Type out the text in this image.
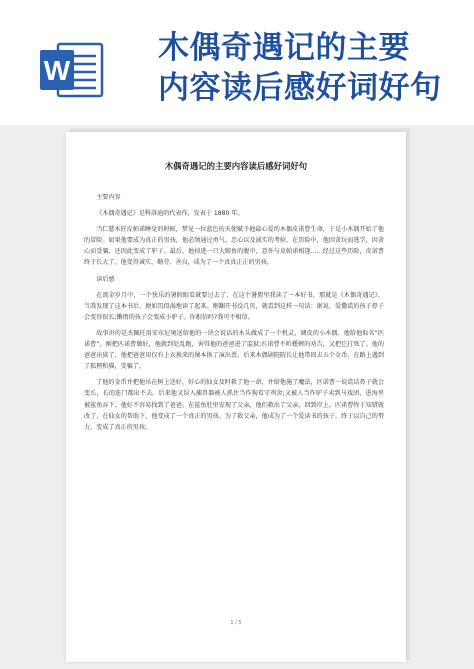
W
木偶奇遇记的主要
内容读后感好词好句
木偶奇遇记的主要内容读后感好词好句

主要内容

《木偶奇遇记》是科洛迪的代表作，发表于 1880 年。

当仁慈木匠皮帕诺睡觉的时候，梦见一位蓝色的天使赋予他最心爱的木偶皮诺曹生命，于是小木偶开始了他的冒险。如果他要成为真正的男孩，他必须通过勇气、忠心以及诚实的考验。在历险中，他因贪玩而逃学，因贪心而受骗，还因此变成了驴子。最后，他掉进一只大鲸鱼的腹中，意外与皮帕诺相逢……经过这些历险，皮诺曹终于长大了。他变得诚实、勤劳、善良，成为了一个真真正正的男孩。

读后感

在流金岁月中，一个快乐的暑假眼看就要过去了，在这个暑假里我读了一本好书，那就是《木偶奇遇记》，当我发现了这本书后，便如饥似渴地读了起来。刚翻开书没几页，就看到这样一句话：据说，爱撒谎的孩子鼻子会变得很长;懒惰的孩子会变成小驴子。你相信吗?我可不相信。

故事讲的是杰佩托用安东尼奥送给他的一块会说话的木头做成了一个机灵、调皮的小木偶。他给他取名“匹诺曹”。刚把匹诺曹做好，他就到处乱跑，害得他的爸爸进了监狱;匹诺曹不听蟋蟀的劝告，又把它打死了。他的爸爸出狱了，他把爸爸用仅有上衣换来的课本换了演出票。后来木偶剧院院长让他带回去五个金币，在路上遇到了狐狸和猫，受骗了。

了他的金币并把他吊在树上送好，好心的仙女及时救了他一命，并给他施了魔法，匹诺曹一说谎话鼻子就会变长，长的连门都出不去。后来他又误入捕兽器被人抓住当作狗看守鸡舍;又被人当作驴子卖到马戏团，进海里被鲨鱼吞下。他好不容易找到了爸爸，在鲨鱼肚里发现了父亲，他们救出了父亲，回到岸上。匹诺曹终于知错就改了，在仙女的帮助下，他变成了一个真正的男孩。为了救父亲，他成为了一个爱读书的孩子，终于以自己的努力，变成了真正的男孩。

1 / 5
